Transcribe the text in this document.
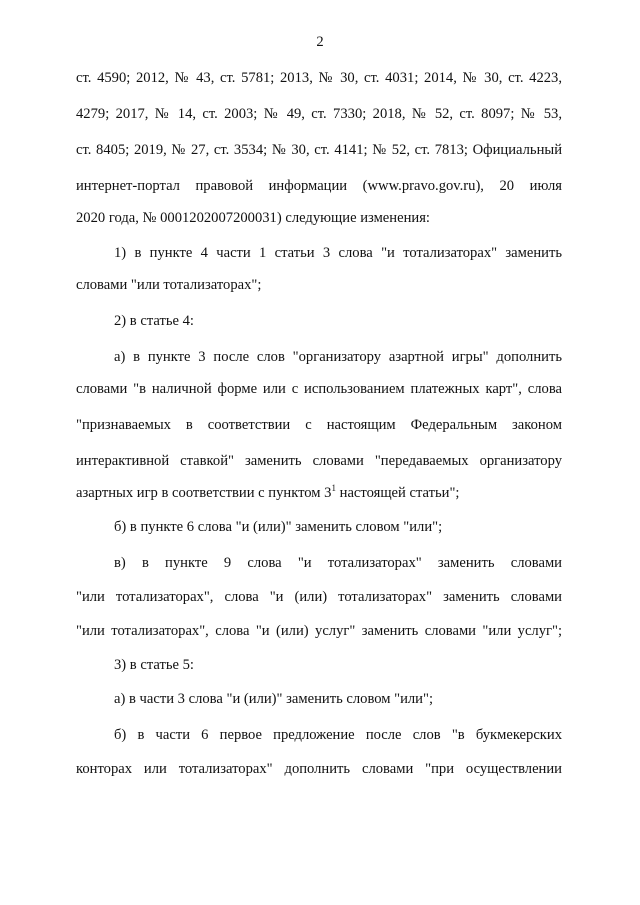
2
ст. 4590; 2012, № 43, ст. 5781; 2013, № 30, ст. 4031; 2014, № 30, ст. 4223,
4279; 2017, № 14, ст. 2003; № 49, ст. 7330; 2018, № 52, ст. 8097; № 53,
ст. 8405; 2019, № 27, ст. 3534; № 30, ст. 4141; № 52, ст. 7813; Официальный
интернет-портал правовой информации (www.pravo.gov.ru), 20 июля
2020 года, № 0001202007200031) следующие изменения:
1) в пункте 4 части 1 статьи 3 слова "и тотализаторах" заменить
словами "или тотализаторах";
2) в статье 4:
а) в пункте 3 после слов "организатору азартной игры" дополнить
словами "в наличной форме или с использованием платежных карт", слова
"признаваемых в соответствии с настоящим Федеральным законом
интерактивной ставкой" заменить словами "передаваемых организатору
азартных игр в соответствии с пунктом $3^1$ настоящей статьи";
б) в пункте 6 слова "и (или)" заменить словом "или";
в) в пункте 9 слова "и тотализаторах" заменить словами
"или тотализаторах", слова "и (или) тотализаторах" заменить словами
"или тотализаторах", слова "и (или) услуг" заменить словами "или услуг";
3) в статье 5:
а) в части 3 слова "и (или)" заменить словом "или";
б) в части 6 первое предложение после слов "в букмекерских
конторах или тотализаторах" дополнить словами "при осуществлении
